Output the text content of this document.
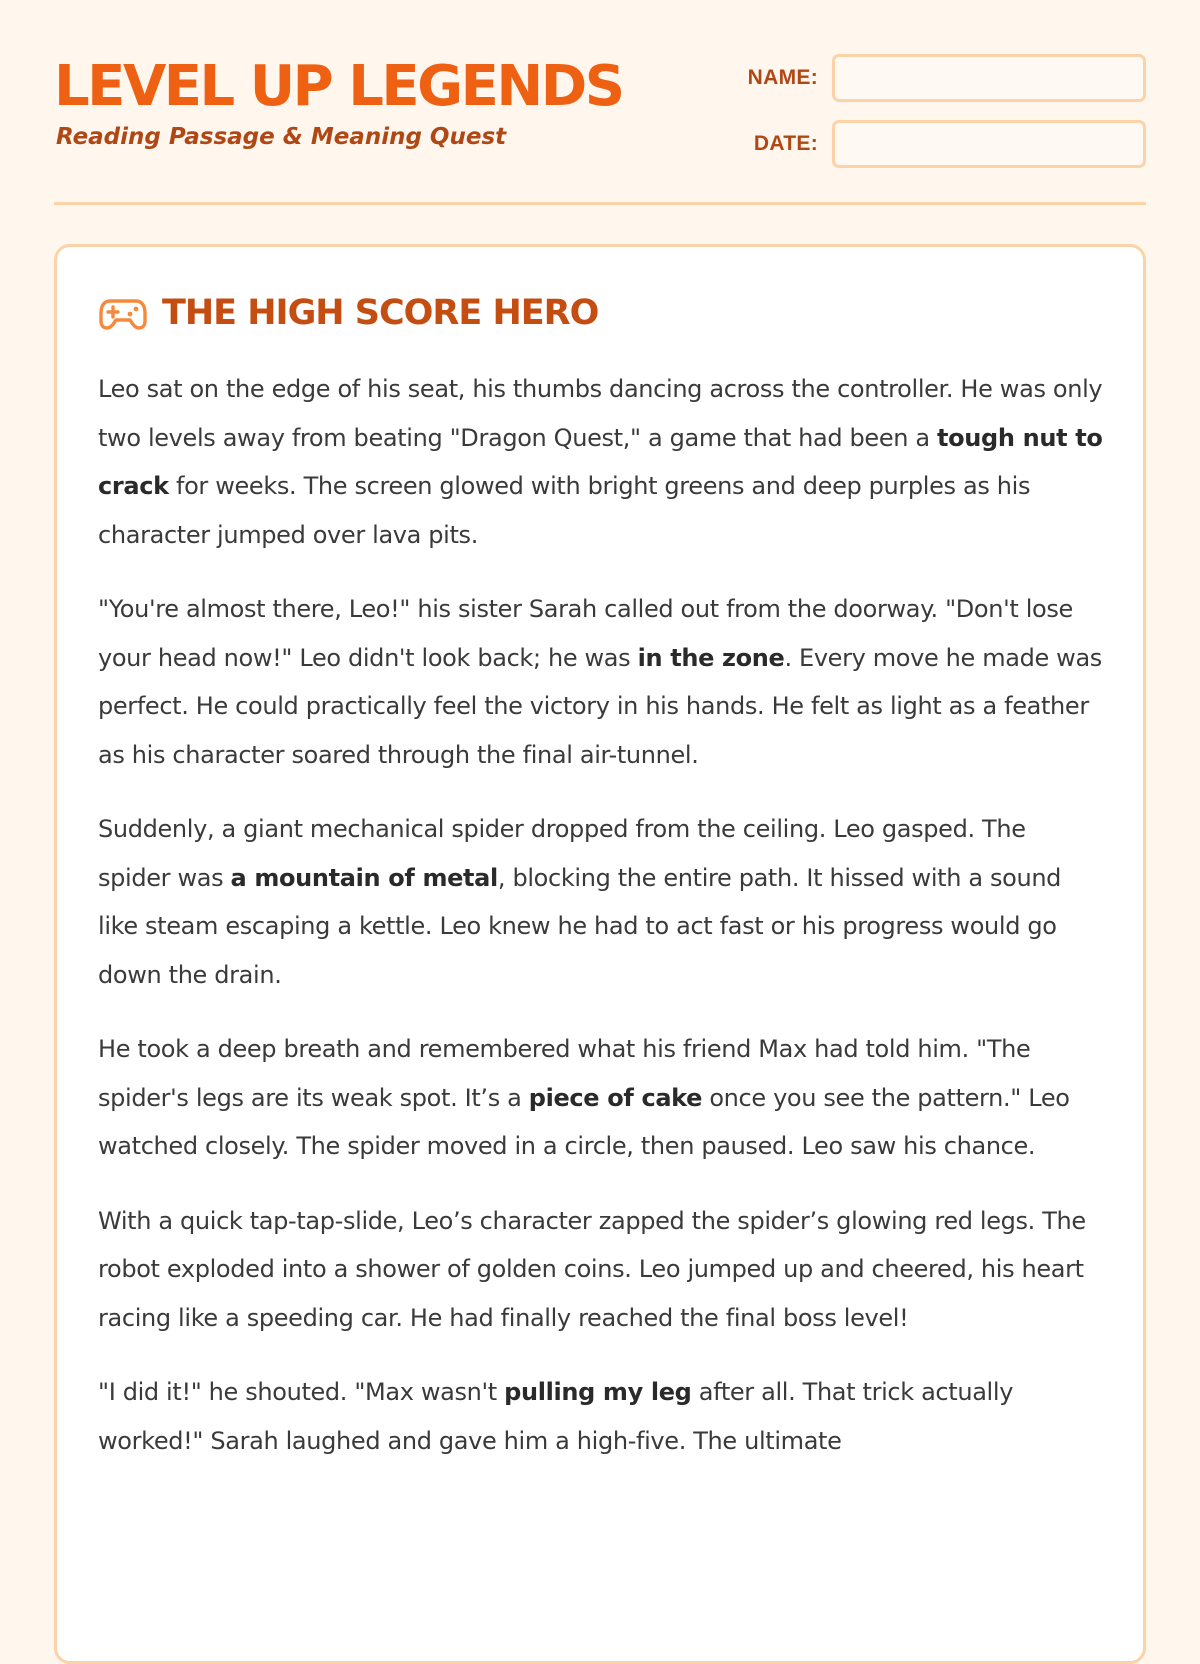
LEVEL UP LEGENDS

Reading Passage & Meaning Quest

NAME:
DATE:
THE HIGH SCORE HERO

Leo sat on the edge of his seat, his thumbs dancing across the controller. He was only two levels away from beating "Dragon Quest," a game that had been a tough nut to crack for weeks. The screen glowed with bright greens and deep purples as his character jumped over lava pits.

"You're almost there, Leo!" his sister Sarah called out from the doorway. "Don't lose your head now!" Leo didn't look back; he was in the zone. Every move he made was perfect. He could practically feel the victory in his hands. He felt as light as a feather as his character soared through the final air-tunnel.

Suddenly, a giant mechanical spider dropped from the ceiling. Leo gasped. The spider was a mountain of metal, blocking the entire path. It hissed with a sound like steam escaping a kettle. Leo knew he had to act fast or his progress would go down the drain.

He took a deep breath and remembered what his friend Max had told him. "The spider's legs are its weak spot. It’s a piece of cake once you see the pattern." Leo watched closely. The spider moved in a circle, then paused. Leo saw his chance.

With a quick tap-tap-slide, Leo’s character zapped the spider’s glowing red legs. The robot exploded into a shower of golden coins. Leo jumped up and cheered, his heart racing like a speeding car. He had finally reached the final boss level!

"I did it!" he shouted. "Max wasn't pulling my leg after all. That trick actually worked!" Sarah laughed and gave him a high-five. The ultimate
